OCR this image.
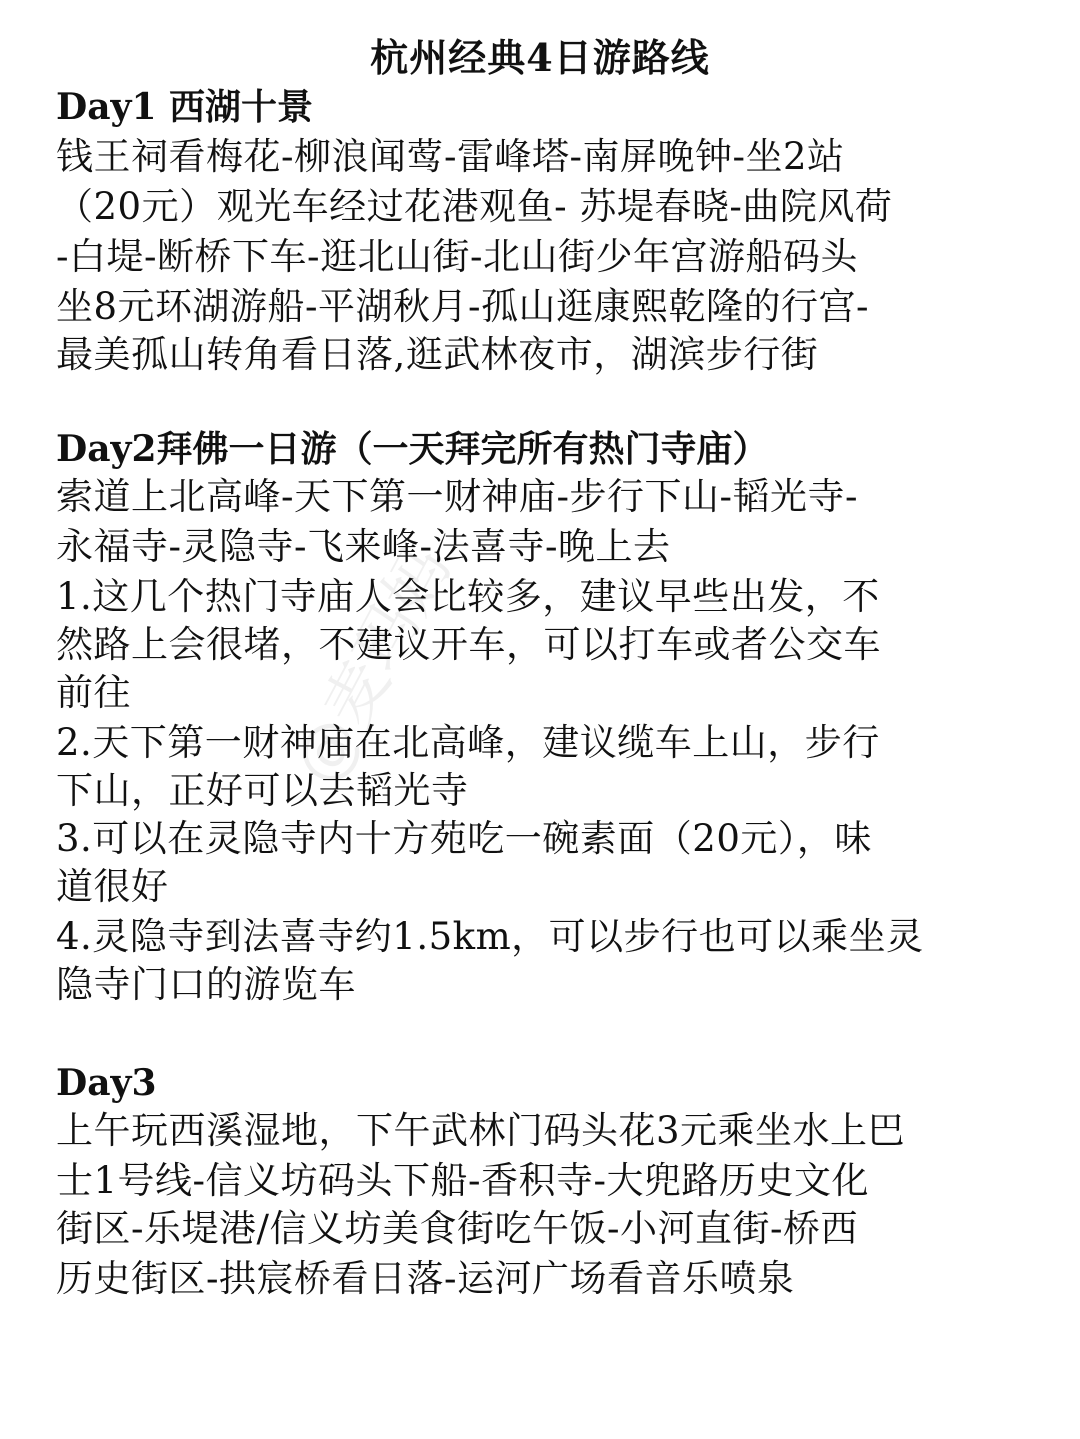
杭州经典4日游路线
Day1 西湖十景
钱王祠看梅花-柳浪闻莺-雷峰塔-南屏晚钟-坐2站
（20元）观光车经过花港观鱼- 苏堤春晓-曲院风荷
-白堤-断桥下车-逛北山街-北山街少年宫游船码头
坐8元环湖游船-平湖秋月-孤山逛康熙乾隆的行宫-
最美孤山转角看日落,逛武林夜市，湖滨步行街
Day2拜佛一日游（一天拜完所有热门寺庙）
索道上北高峰-天下第一财神庙-步行下山-韬光寺-
永福寺-灵隐寺-飞来峰-法喜寺-晚上去
1.这几个热门寺庙人会比较多，建议早些出发，不
然路上会很堵，不建议开车，可以打车或者公交车
前往
2.天下第一财神庙在北高峰，建议缆车上山，步行
下山，正好可以去韬光寺
3.可以在灵隐寺内十方苑吃一碗素面（20元），味
道很好
4.灵隐寺到法喜寺约1.5km，可以步行也可以乘坐灵
隐寺门口的游览车
Day3
上午玩西溪湿地，下午武林门码头花3元乘坐水上巴
士1号线-信义坊码头下船-香积寺-大兜路历史文化
街区-乐堤港/信义坊美食街吃午饭-小河直街-桥西
历史街区-拱宸桥看日落-运河广场看音乐喷泉
@麦玛妈
